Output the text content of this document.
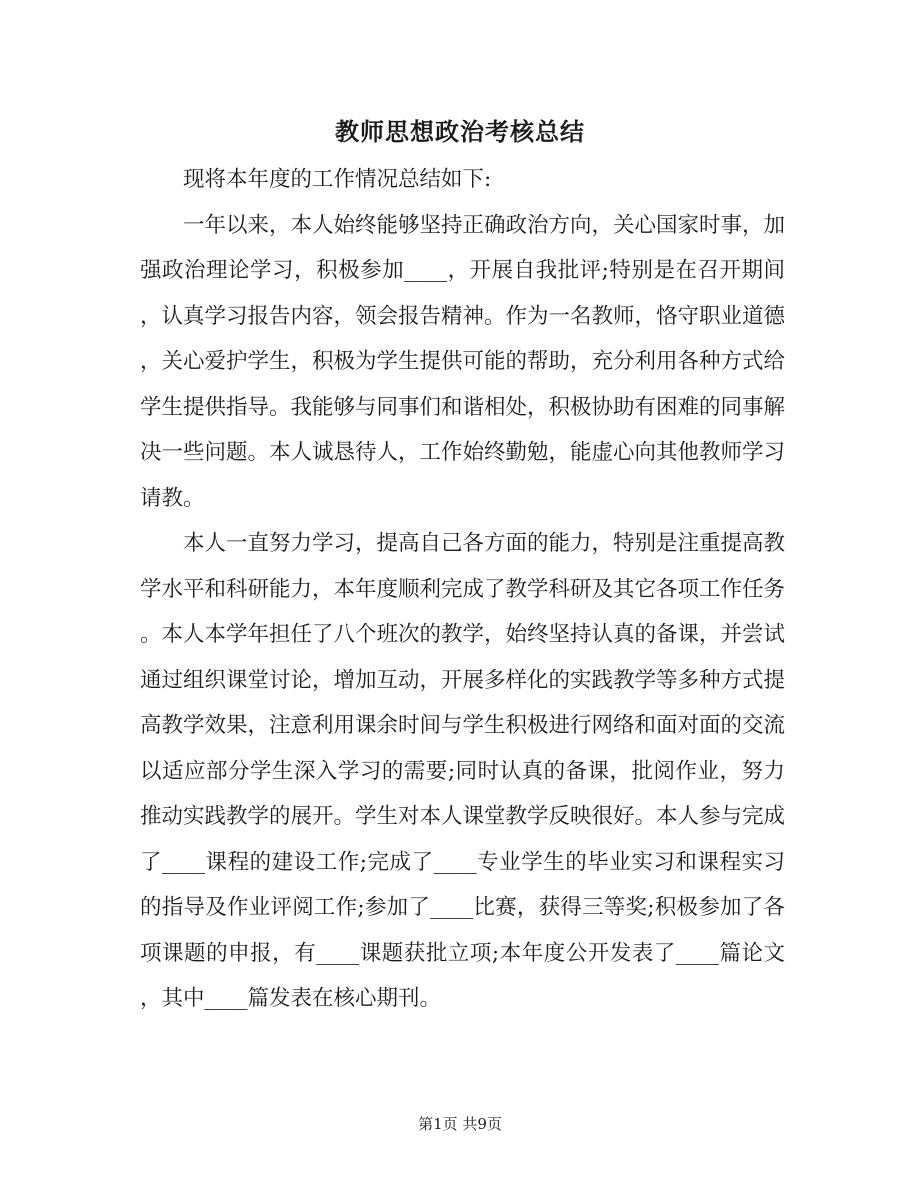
教师思想政治考核总结

现将本年度的工作情况总结如下:

一年以来，本人始终能够坚持正确政治方向，关心国家时事，加强政治理论学习，积极参加____，开展自我批评;特别是在召开期间，认真学习报告内容，领会报告精神。作为一名教师，恪守职业道德，关心爱护学生，积极为学生提供可能的帮助，充分利用各种方式给学生提供指导。我能够与同事们和谐相处，积极协助有困难的同事解决一些问题。本人诚恳待人，工作始终勤勉，能虚心向其他教师学习请教。

本人一直努力学习，提高自己各方面的能力，特别是注重提高教学水平和科研能力，本年度顺利完成了教学科研及其它各项工作任务。本人本学年担任了八个班次的教学，始终坚持认真的备课，并尝试通过组织课堂讨论，增加互动，开展多样化的实践教学等多种方式提高教学效果，注意利用课余时间与学生积极进行网络和面对面的交流以适应部分学生深入学习的需要;同时认真的备课，批阅作业，努力推动实践教学的展开。学生对本人课堂教学反映很好。本人参与完成了____课程的建设工作;完成了____专业学生的毕业实习和课程实习的指导及作业评阅工作;参加了____比赛，获得三等奖;积极参加了各项课题的申报，有____课题获批立项;本年度公开发表了____篇论文，其中____篇发表在核心期刊。

第1页 共9页
